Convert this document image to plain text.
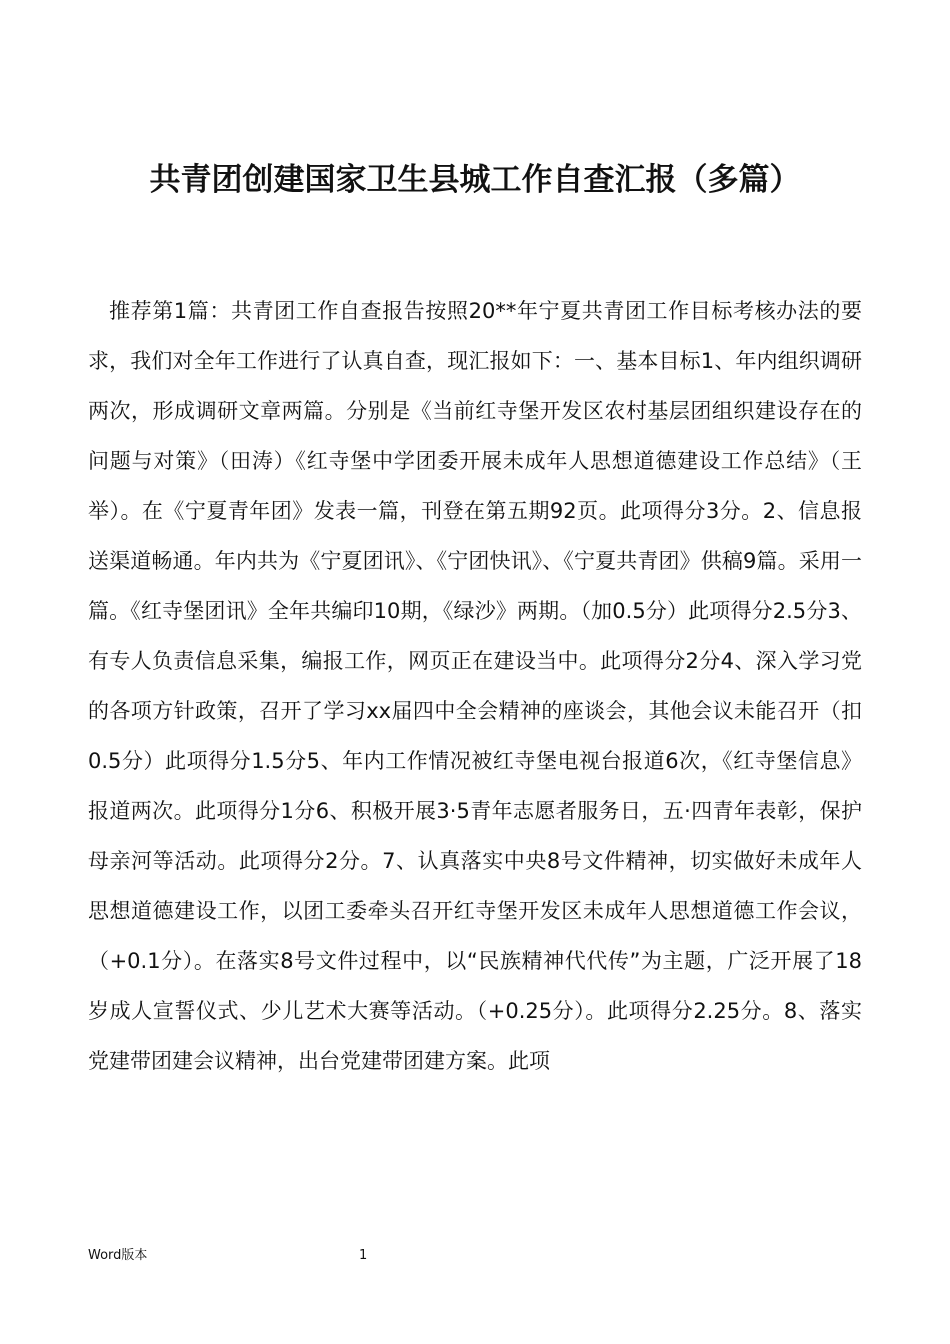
共青团创建国家卫生县城工作自查汇报（多篇）

推荐第1篇：共青团工作自查报告按照20**年宁夏共青团工作目标考核办法的要求，我们对全年工作进行了认真自查，现汇报如下：一、基本目标1、年内组织调研两次，形成调研文章两篇。分别是《当前红寺堡开发区农村基层团组织建设存在的问题与对策》（田涛）《红寺堡中学团委开展未成年人思想道德建设工作总结》（王举）。在《宁夏青年团》发表一篇，刊登在第五期92页。此项得分3分。2、信息报送渠道畅通。年内共为《宁夏团讯》、《宁团快讯》、《宁夏共青团》供稿9篇。采用一篇。《红寺堡团讯》全年共编印10期，《绿沙》两期。（加0.5分）此项得分2.5分3、有专人负责信息采集，编报工作，网页正在建设当中。此项得分2分4、深入学习党的各项方针政策，召开了学习xx届四中全会精神的座谈会，其他会议未能召开（扣0.5分）此项得分1.5分5、年内工作情况被红寺堡电视台报道6次，《红寺堡信息》报道两次。此项得分1分6、积极开展3·5青年志愿者服务日，五·四青年表彰，保护母亲河等活动。此项得分2分。7、认真落实中央8号文件精神，切实做好未成年人思想道德建设工作，以团工委牵头召开红寺堡开发区未成年人思想道德工作会议，（+0.1分）。在落实8号文件过程中，以“民族精神代代传”为主题，广泛开展了18岁成人宣誓仪式、少儿艺术大赛等活动。（+0.25分）。此项得分2.25分。8、落实党建带团建会议精神，出台党建带团建方案。此项

Word版本	1
